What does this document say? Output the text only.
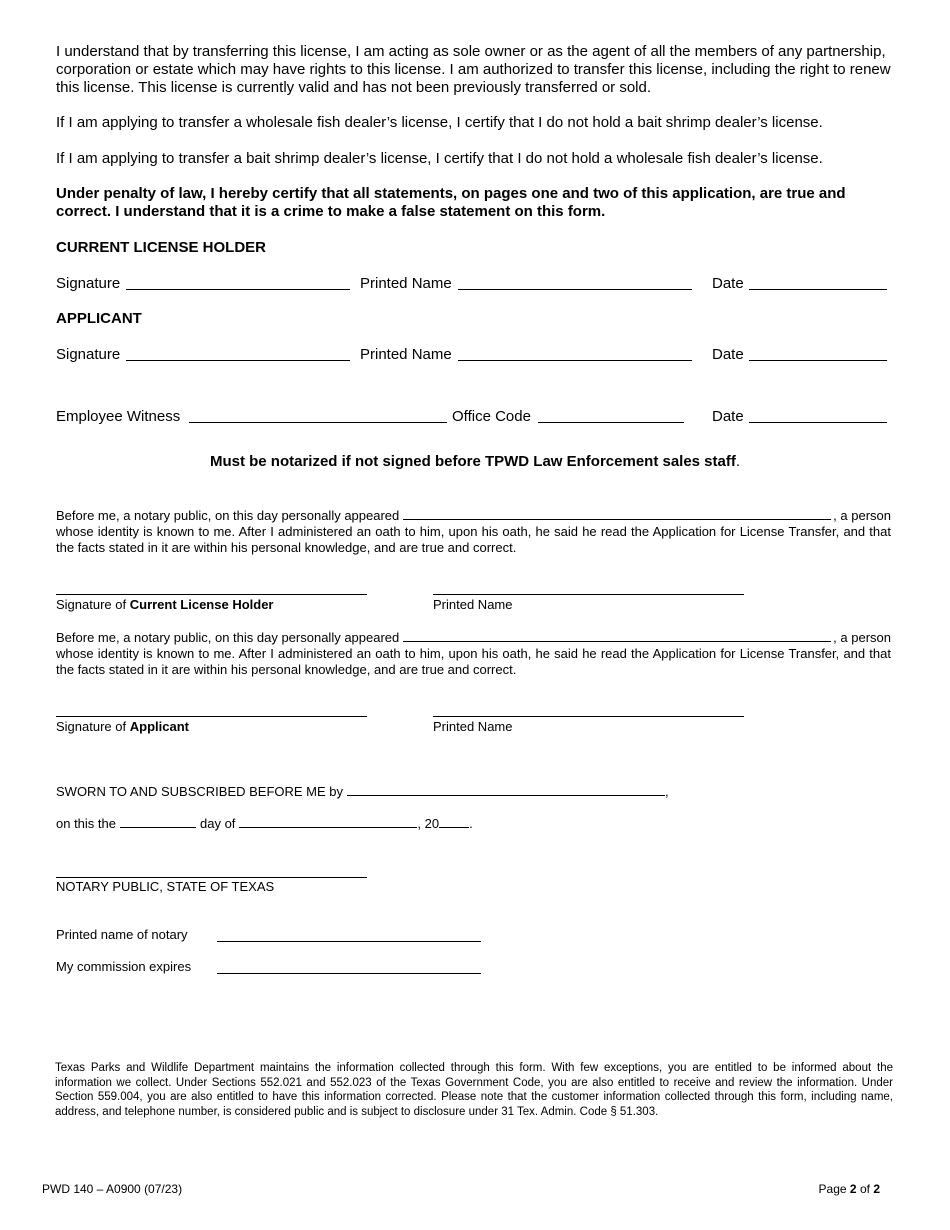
I understand that by transferring this license, I am acting as sole owner or as the agent of all the members of any partnership, corporation or estate which may have rights to this license. I am authorized to transfer this license, including the right to renew this license. This license is currently valid and has not been previously transferred or sold.
If I am applying to transfer a wholesale fish dealer’s license, I certify that I do not hold a bait shrimp dealer’s license.
If I am applying to transfer a bait shrimp dealer’s license, I certify that I do not hold a wholesale fish dealer’s license.
Under penalty of law, I hereby certify that all statements, on pages one and two of this application, are true and correct. I understand that it is a crime to make a false statement on this form.
CURRENT LICENSE HOLDER
Signature	Printed Name	Date
APPLICANT
Signature	Printed Name	Date
Employee Witness	Office Code	Date
Must be notarized if not signed before TPWD Law Enforcement sales staff.
Before me, a notary public, on this day personally appeared	, a person
whose identity is known to me. After I administered an oath to him, upon his oath, he said he read the Application for License Transfer, and that the facts stated in it are within his personal knowledge, and are true and correct.
Signature of Current License Holder	Printed Name
Before me, a notary public, on this day personally appeared	, a person
whose identity is known to me. After I administered an oath to him, upon his oath, he said he read the Application for License Transfer, and that the facts stated in it are within his personal knowledge, and are true and correct.
Signature of Applicant	Printed Name
SWORN TO AND SUBSCRIBED BEFORE ME by	,
on this the	day of	, 20 .
NOTARY PUBLIC, STATE OF TEXAS
Printed name of notary
My commission expires
Texas Parks and Wildlife Department maintains the information collected through this form. With few exceptions, you are entitled to be informed about the information we collect. Under Sections 552.021 and 552.023 of the Texas Government Code, you are also entitled to receive and review the information. Under Section 559.004, you are also entitled to have this information corrected. Please note that the customer information collected through this form, including name, address, and telephone number, is considered public and is subject to disclosure under 31 Tex. Admin. Code § 51.303.
PWD 140 – A0900 (07/23)	Page 2 of 2
